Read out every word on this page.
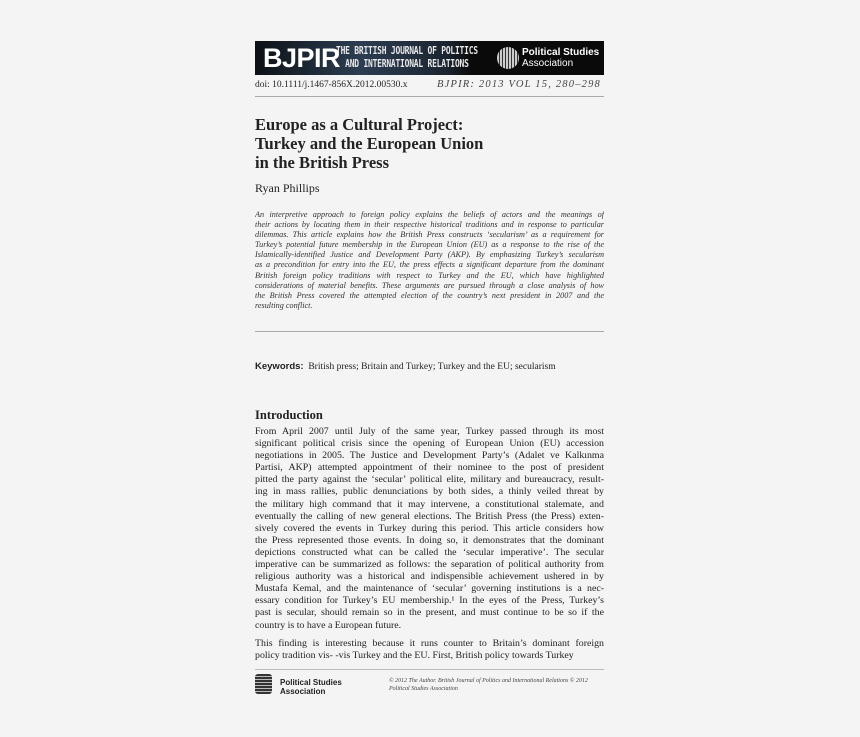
BJPIR
THE BRITISH JOURNAL OF POLITICS
AND INTERNATIONAL RELATIONS
Political Studies
Association
doi: 10.1111/j.1467-856X.2012.00530.x	BJPIR: 2013 VOL 15, 280–298
Europe as a Cultural Project:
Turkey and the European Union
in the British Press
Ryan Phillips
An interpretive approach to foreign policy explains the beliefs of actors and the meanings of
their actions by locating them in their respective historical traditions and in response to particular
dilemmas. This article explains how the British Press constructs ‘secularism’ as a requirement for
Turkey’s potential future membership in the European Union (EU) as a response to the rise of the
Islamically-identified Justice and Development Party (AKP). By emphasizing Turkey’s secularism
as a precondition for entry into the EU, the press effects a significant departure from the dominant
British foreign policy traditions with respect to Turkey and the EU, which have highlighted
considerations of material benefits. These arguments are pursued through a close analysis of how
the British Press covered the attempted election of the country’s next president in 2007 and the
resulting conflict.
Keywords: British press; Britain and Turkey; Turkey and the EU; secularism
Introduction
From April 2007 until July of the same year, Turkey passed through its most
significant political crisis since the opening of European Union (EU) accession
negotiations in 2005. The Justice and Development Party’s (Adalet ve Kalkınma
Partisi, AKP) attempted appointment of their nominee to the post of president
pitted the party against the ‘secular’ political elite, military and bureaucracy, result-
ing in mass rallies, public denunciations by both sides, a thinly veiled threat by
the military high command that it may intervene, a constitutional stalemate, and
eventually the calling of new general elections. The British Press (the Press) exten-
sively covered the events in Turkey during this period. This article considers how
the Press represented those events. In doing so, it demonstrates that the dominant
depictions constructed what can be called the ‘secular imperative’. The secular
imperative can be summarized as follows: the separation of political authority from
religious authority was a historical and indispensible achievement ushered in by
Mustafa Kemal, and the maintenance of ‘secular’ governing institutions is a nec-
essary condition for Turkey’s EU membership.¹ In the eyes of the Press, Turkey’s
past is secular, should remain so in the present, and must continue to be so if the
country is to have a European future.
This finding is interesting because it runs counter to Britain’s dominant foreign
policy tradition vis- -vis Turkey and the EU. First, British policy towards Turkey
Political Studies
Association
© 2012 The Author. British Journal of Politics and International Relations © 2012
Political Studies Association
